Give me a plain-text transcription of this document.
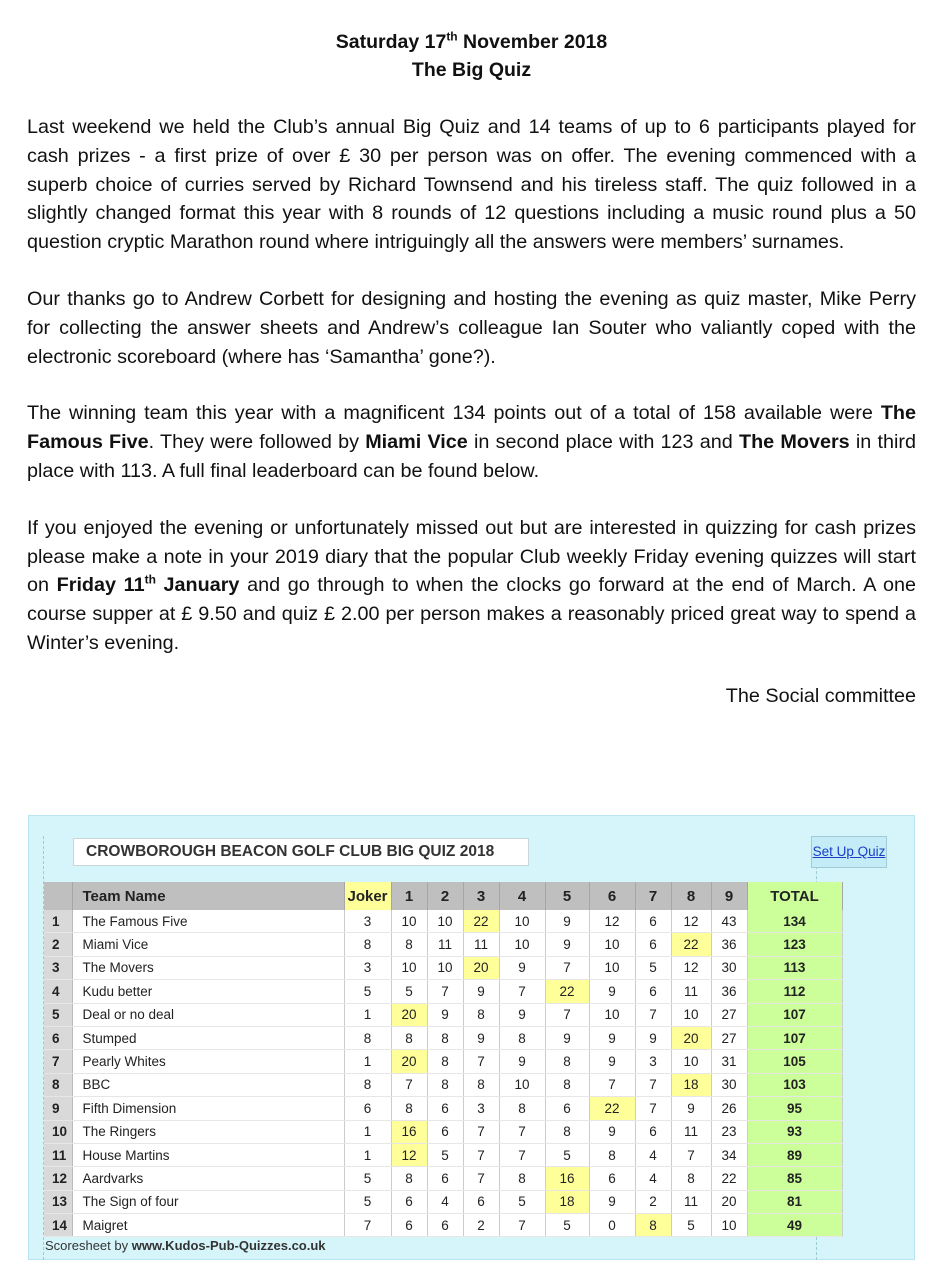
Saturday 17th November 2018
The Big Quiz

Last weekend we held the Club’s annual Big Quiz and 14 teams of up to 6 participants played for cash prizes - a first prize of over £ 30 per person was on offer. The evening commenced with a superb choice of curries served by Richard Townsend and his tireless staff. The quiz followed in a slightly changed format this year with 8 rounds of 12 questions including a music round plus a 50 question cryptic Marathon round where intriguingly all the answers were members’ surnames.

Our thanks go to Andrew Corbett for designing and hosting the evening as quiz master, Mike Perry for collecting the answer sheets and Andrew’s colleague Ian Souter who valiantly coped with the electronic scoreboard (where has ‘Samantha’ gone?).

The winning team this year with a magnificent 134 points out of a total of 158 available were The Famous Five. They were followed by Miami Vice in second place with 123 and The Movers in third place with 113. A full final leaderboard can be found below.

If you enjoyed the evening or unfortunately missed out but are interested in quizzing for cash prizes please make a note in your 2019 diary that the popular Club weekly Friday evening quizzes will start on Friday 11th January and go through to when the clocks go forward at the end of March. A one course supper at £ 9.50 and quiz £ 2.00 per person makes a reasonably priced great way to spend a Winter’s evening.

The Social committee
CROWBOROUGH BEACON GOLF CLUB BIG QUIZ 2018	Set Up Quiz
	Team Name	Joker	1	2	3	4	5	6	7	8	9	TOTAL
1	The Famous Five	3	10	10	22	10	9	12	6	12	43	134
2	Miami Vice	8	8	11	11	10	9	10	6	22	36	123
3	The Movers	3	10	10	20	9	7	10	5	12	30	113
4	Kudu better	5	5	7	9	7	22	9	6	11	36	112
5	Deal or no deal	1	20	9	8	9	7	10	7	10	27	107
6	Stumped	8	8	8	9	8	9	9	9	20	27	107
7	Pearly Whites	1	20	8	7	9	8	9	3	10	31	105
8	BBC	8	7	8	8	10	8	7	7	18	30	103
9	Fifth Dimension	6	8	6	3	8	6	22	7	9	26	95
10	The Ringers	1	16	6	7	7	8	9	6	11	23	93
11	House Martins	1	12	5	7	7	5	8	4	7	34	89
12	Aardvarks	5	8	6	7	8	16	6	4	8	22	85
13	The Sign of four	5	6	4	6	5	18	9	2	11	20	81
14	Maigret	7	6	6	2	7	5	0	8	5	10	49
Scoresheet by www.Kudos-Pub-Quizzes.co.uk
